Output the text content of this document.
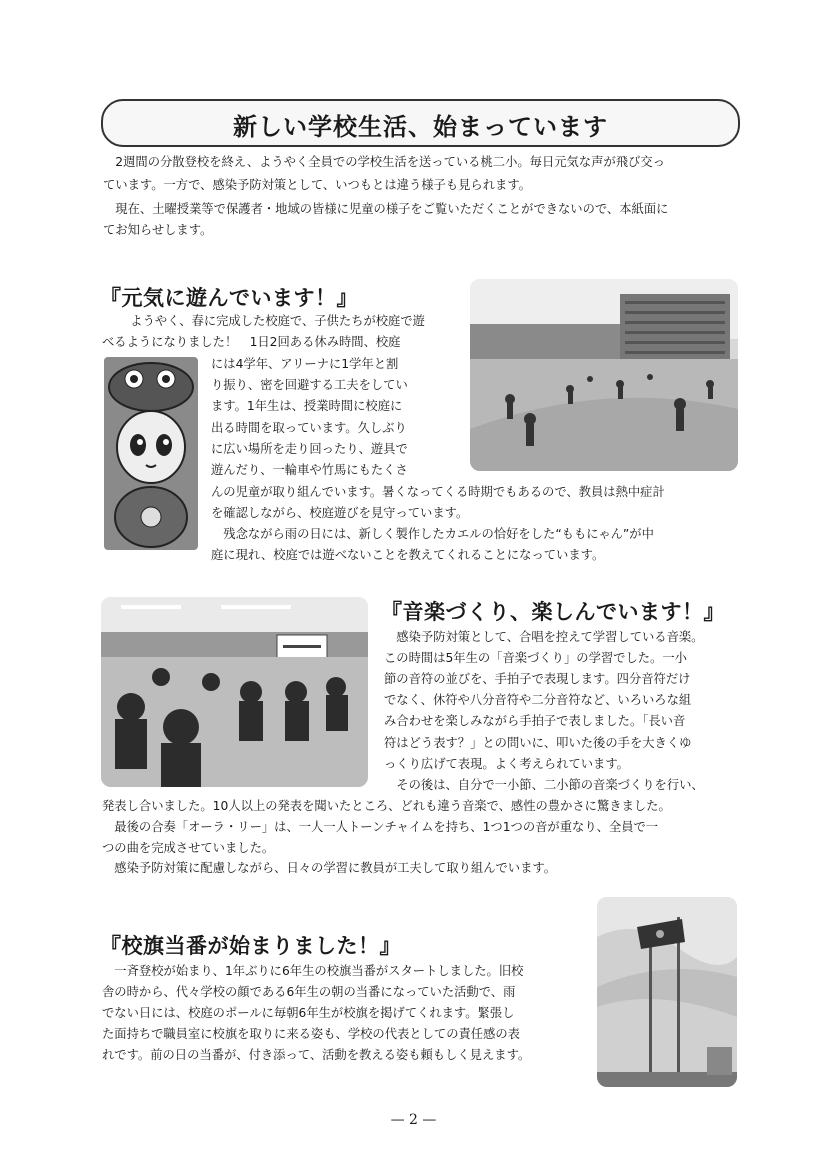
新しい学校生活、始まっています
　2週間の分散登校を終え、ようやく全員での学校生活を送っている桃二小。毎日元気な声が飛び交っ
ています。一方で、感染予防対策として、いつもとは違う様子も見られます。
　現在、土曜授業等で保護者・地域の皆様に児童の様子をご覧いただくことができないので、本紙面に
てお知らせします。
『元気に遊んでいます！』
　ようやく、春に完成した校庭で、子供たちが校庭で遊
べるようになりました！　1日2回ある休み時間、校庭
には4学年、アリーナに1学年と割
り振り、密を回避する工夫をしてい
ます。1年生は、授業時間に校庭に
出る時間を取っています。久しぶり
に広い場所を走り回ったり、遊具で
遊んだり、一輪車や竹馬にもたくさ
んの児童が取り組んでいます。暑くなってくる時期でもあるので、教員は熱中症計
を確認しながら、校庭遊びを見守っています。
　残念ながら雨の日には、新しく製作したカエルの恰好をした“ももにゃん”が中
庭に現れ、校庭では遊べないことを教えてくれることになっています。
『音楽づくり、楽しんでいます！』
　感染予防対策として、合唱を控えて学習している音楽。
この時間は5年生の「音楽づくり」の学習でした。一小
節の音符の並びを、手拍子で表現します。四分音符だけ
でなく、休符や八分音符や二分音符など、いろいろな組
み合わせを楽しみながら手拍子で表しました。「長い音
符はどう表す？」との問いに、叩いた後の手を大きくゆ
っくり広げて表現。よく考えられています。
　その後は、自分で一小節、二小節の音楽づくりを行い、
発表し合いました。10人以上の発表を聞いたところ、どれも違う音楽で、感性の豊かさに驚きました。
　最後の合奏「オーラ・リー」は、一人一人トーンチャイムを持ち、1つ1つの音が重なり、全員で一
つの曲を完成させていました。
　感染予防対策に配慮しながら、日々の学習に教員が工夫して取り組んでいます。
『校旗当番が始まりました！』
　一斉登校が始まり、1年ぶりに6年生の校旗当番がスタートしました。旧校
舎の時から、代々学校の顔である6年生の朝の当番になっていた活動で、雨
でない日には、校庭のポールに毎朝6年生が校旗を掲げてくれます。緊張し
た面持ちで職員室に校旗を取りに来る姿も、学校の代表としての責任感の表
れです。前の日の当番が、付き添って、活動を教える姿も頼もしく見えます。
— 2 —
